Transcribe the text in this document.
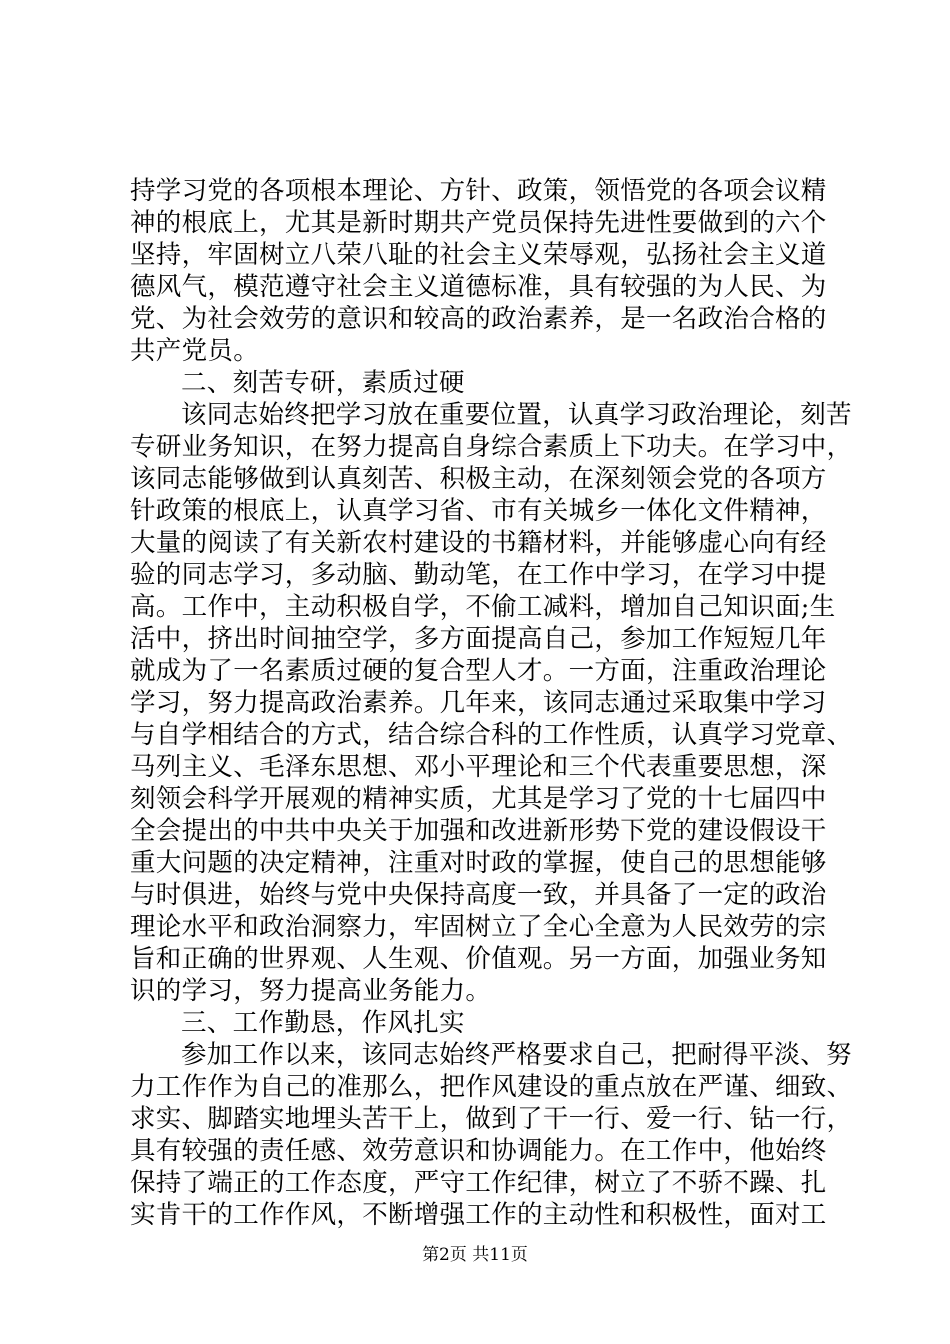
持学习党的各项根本理论、方针、政策，领悟党的各项会议精
神的根底上，尤其是新时期共产党员保持先进性要做到的六个
坚持，牢固树立八荣八耻的社会主义荣辱观，弘扬社会主义道
德风气，模范遵守社会主义道德标准，具有较强的为人民、为
党、为社会效劳的意识和较高的政治素养，是一名政治合格的
共产党员。
二、刻苦专研，素质过硬
该同志始终把学习放在重要位置，认真学习政治理论，刻苦
专研业务知识，在努力提高自身综合素质上下功夫。在学习中，
该同志能够做到认真刻苦、积极主动，在深刻领会党的各项方
针政策的根底上，认真学习省、市有关城乡一体化文件精神，
大量的阅读了有关新农村建设的书籍材料，并能够虚心向有经
验的同志学习，多动脑、勤动笔，在工作中学习，在学习中提
高。工作中，主动积极自学，不偷工减料，增加自己知识面;生
活中，挤出时间抽空学，多方面提高自己，参加工作短短几年
就成为了一名素质过硬的复合型人才。一方面，注重政治理论
学习，努力提高政治素养。几年来，该同志通过采取集中学习
与自学相结合的方式，结合综合科的工作性质，认真学习党章、
马列主义、毛泽东思想、邓小平理论和三个代表重要思想，深
刻领会科学开展观的精神实质，尤其是学习了党的十七届四中
全会提出的中共中央关于加强和改进新形势下党的建设假设干
重大问题的决定精神，注重对时政的掌握，使自己的思想能够
与时俱进，始终与党中央保持高度一致，并具备了一定的政治
理论水平和政治洞察力，牢固树立了全心全意为人民效劳的宗
旨和正确的世界观、人生观、价值观。另一方面，加强业务知
识的学习，努力提高业务能力。
三、工作勤恳，作风扎实
参加工作以来，该同志始终严格要求自己，把耐得平淡、努
力工作作为自己的准那么，把作风建设的重点放在严谨、细致、
求实、脚踏实地埋头苦干上，做到了干一行、爱一行、钻一行，
具有较强的责任感、效劳意识和协调能力。在工作中，他始终
保持了端正的工作态度，严守工作纪律，树立了不骄不躁、扎
实肯干的工作作风，不断增强工作的主动性和积极性，面对工
第2页 共11页
